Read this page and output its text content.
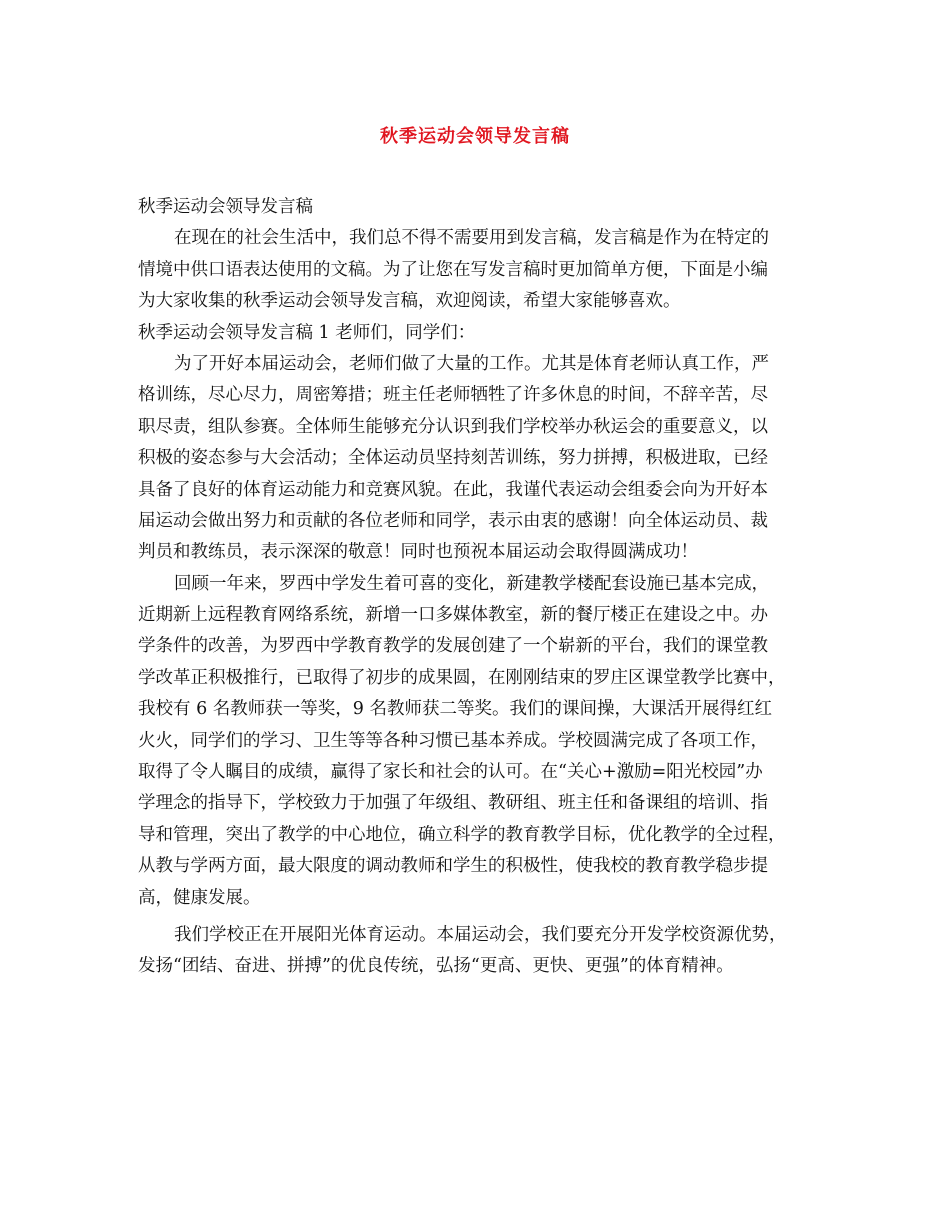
秋季运动会领导发言稿
秋季运动会领导发言稿
在现在的社会生活中，我们总不得不需要用到发言稿，发言稿是作为在特定的
情境中供口语表达使用的文稿。为了让您在写发言稿时更加简单方便，下面是小编
为大家收集的秋季运动会领导发言稿，欢迎阅读，希望大家能够喜欢。
秋季运动会领导发言稿 1 老师们，同学们：
为了开好本届运动会，老师们做了大量的工作。尤其是体育老师认真工作，严
格训练，尽心尽力，周密筹措；班主任老师牺牲了许多休息的时间，不辞辛苦，尽
职尽责，组队参赛。全体师生能够充分认识到我们学校举办秋运会的重要意义，以
积极的姿态参与大会活动；全体运动员坚持刻苦训练，努力拼搏，积极进取，已经
具备了良好的体育运动能力和竞赛风貌。在此，我谨代表运动会组委会向为开好本
届运动会做出努力和贡献的各位老师和同学，表示由衷的感谢！向全体运动员、裁
判员和教练员，表示深深的敬意！同时也预祝本届运动会取得圆满成功！
回顾一年来，罗西中学发生着可喜的变化，新建教学楼配套设施已基本完成，
近期新上远程教育网络系统，新增一口多媒体教室，新的餐厅楼正在建设之中。办
学条件的改善，为罗西中学教育教学的发展创建了一个崭新的平台，我们的课堂教
学改革正积极推行，已取得了初步的成果圆，在刚刚结束的罗庄区课堂教学比赛中，
我校有 6 名教师获一等奖，9 名教师获二等奖。我们的课间操，大课活开展得红红
火火，同学们的学习、卫生等等各种习惯已基本养成。学校圆满完成了各项工作，
取得了令人瞩目的成绩，赢得了家长和社会的认可。在“关心+激励=阳光校园”办
学理念的指导下，学校致力于加强了年级组、教研组、班主任和备课组的培训、指
导和管理，突出了教学的中心地位，确立科学的教育教学目标，优化教学的全过程，
从教与学两方面，最大限度的调动教师和学生的积极性，使我校的教育教学稳步提
高，健康发展。
我们学校正在开展阳光体育运动。本届运动会，我们要充分开发学校资源优势，
发扬“团结、奋进、拼搏”的优良传统，弘扬“更高、更快、更强”的体育精神。
